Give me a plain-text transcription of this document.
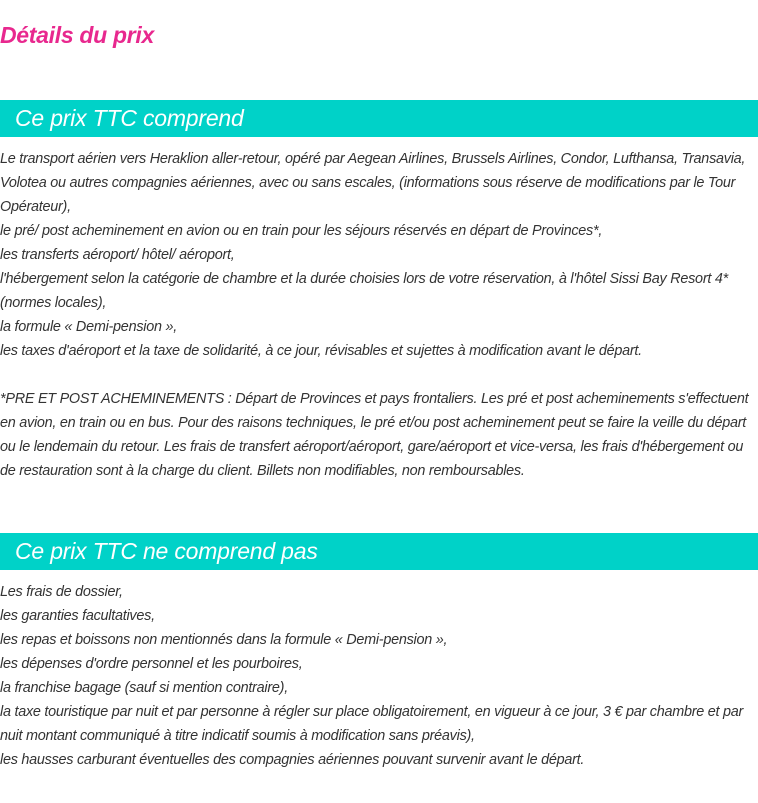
Détails du prix
Ce prix TTC comprend
Le transport aérien vers Heraklion aller-retour, opéré par Aegean Airlines, Brussels Airlines, Condor, Lufthansa, Transavia, Volotea ou autres compagnies aériennes, avec ou sans escales, (informations sous réserve de modifications par le Tour Opérateur),
le pré/ post acheminement en avion ou en train pour les séjours réservés en départ de Provinces*,
les transferts aéroport/ hôtel/ aéroport,
l'hébergement selon la catégorie de chambre et la durée choisies lors de votre réservation, à l'hôtel Sissi Bay Resort 4* (normes locales),
la formule « Demi-pension »,
les taxes d'aéroport et la taxe de solidarité, à ce jour, révisables et sujettes à modification avant le départ.
*PRE ET POST ACHEMINEMENTS : Départ de Provinces et pays frontaliers. Les pré et post acheminements s'effectuent en avion, en train ou en bus. Pour des raisons techniques, le pré et/ou post acheminement peut se faire la veille du départ ou le lendemain du retour. Les frais de transfert aéroport/aéroport, gare/aéroport et vice-versa, les frais d'hébergement ou de restauration sont à la charge du client. Billets non modifiables, non remboursables.
Ce prix TTC ne comprend pas
Les frais de dossier,
les garanties facultatives,
les repas et boissons non mentionnés dans la formule « Demi-pension »,
les dépenses d'ordre personnel et les pourboires,
la franchise bagage (sauf si mention contraire),
la taxe touristique par nuit et par personne à régler sur place obligatoirement, en vigueur à ce jour, 3 € par chambre et par nuit montant communiqué à titre indicatif soumis à modification sans préavis),
les hausses carburant éventuelles des compagnies aériennes pouvant survenir avant le départ.
